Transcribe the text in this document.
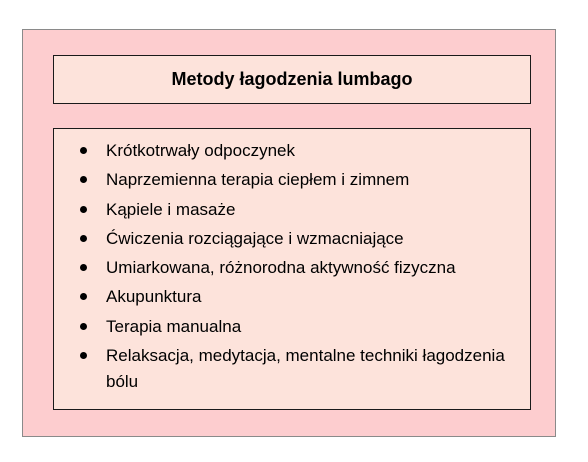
Metody łagodzenia lumbago
Krótkotrwały odpoczynek
Naprzemienna terapia ciepłem i zimnem
Kąpiele i masaże
Ćwiczenia rozciągające i wzmacniające
Umiarkowana, różnorodna aktywność fizyczna
Akupunktura
Terapia manualna
Relaksacja, medytacja, mentalne techniki łagodzenia bólu
